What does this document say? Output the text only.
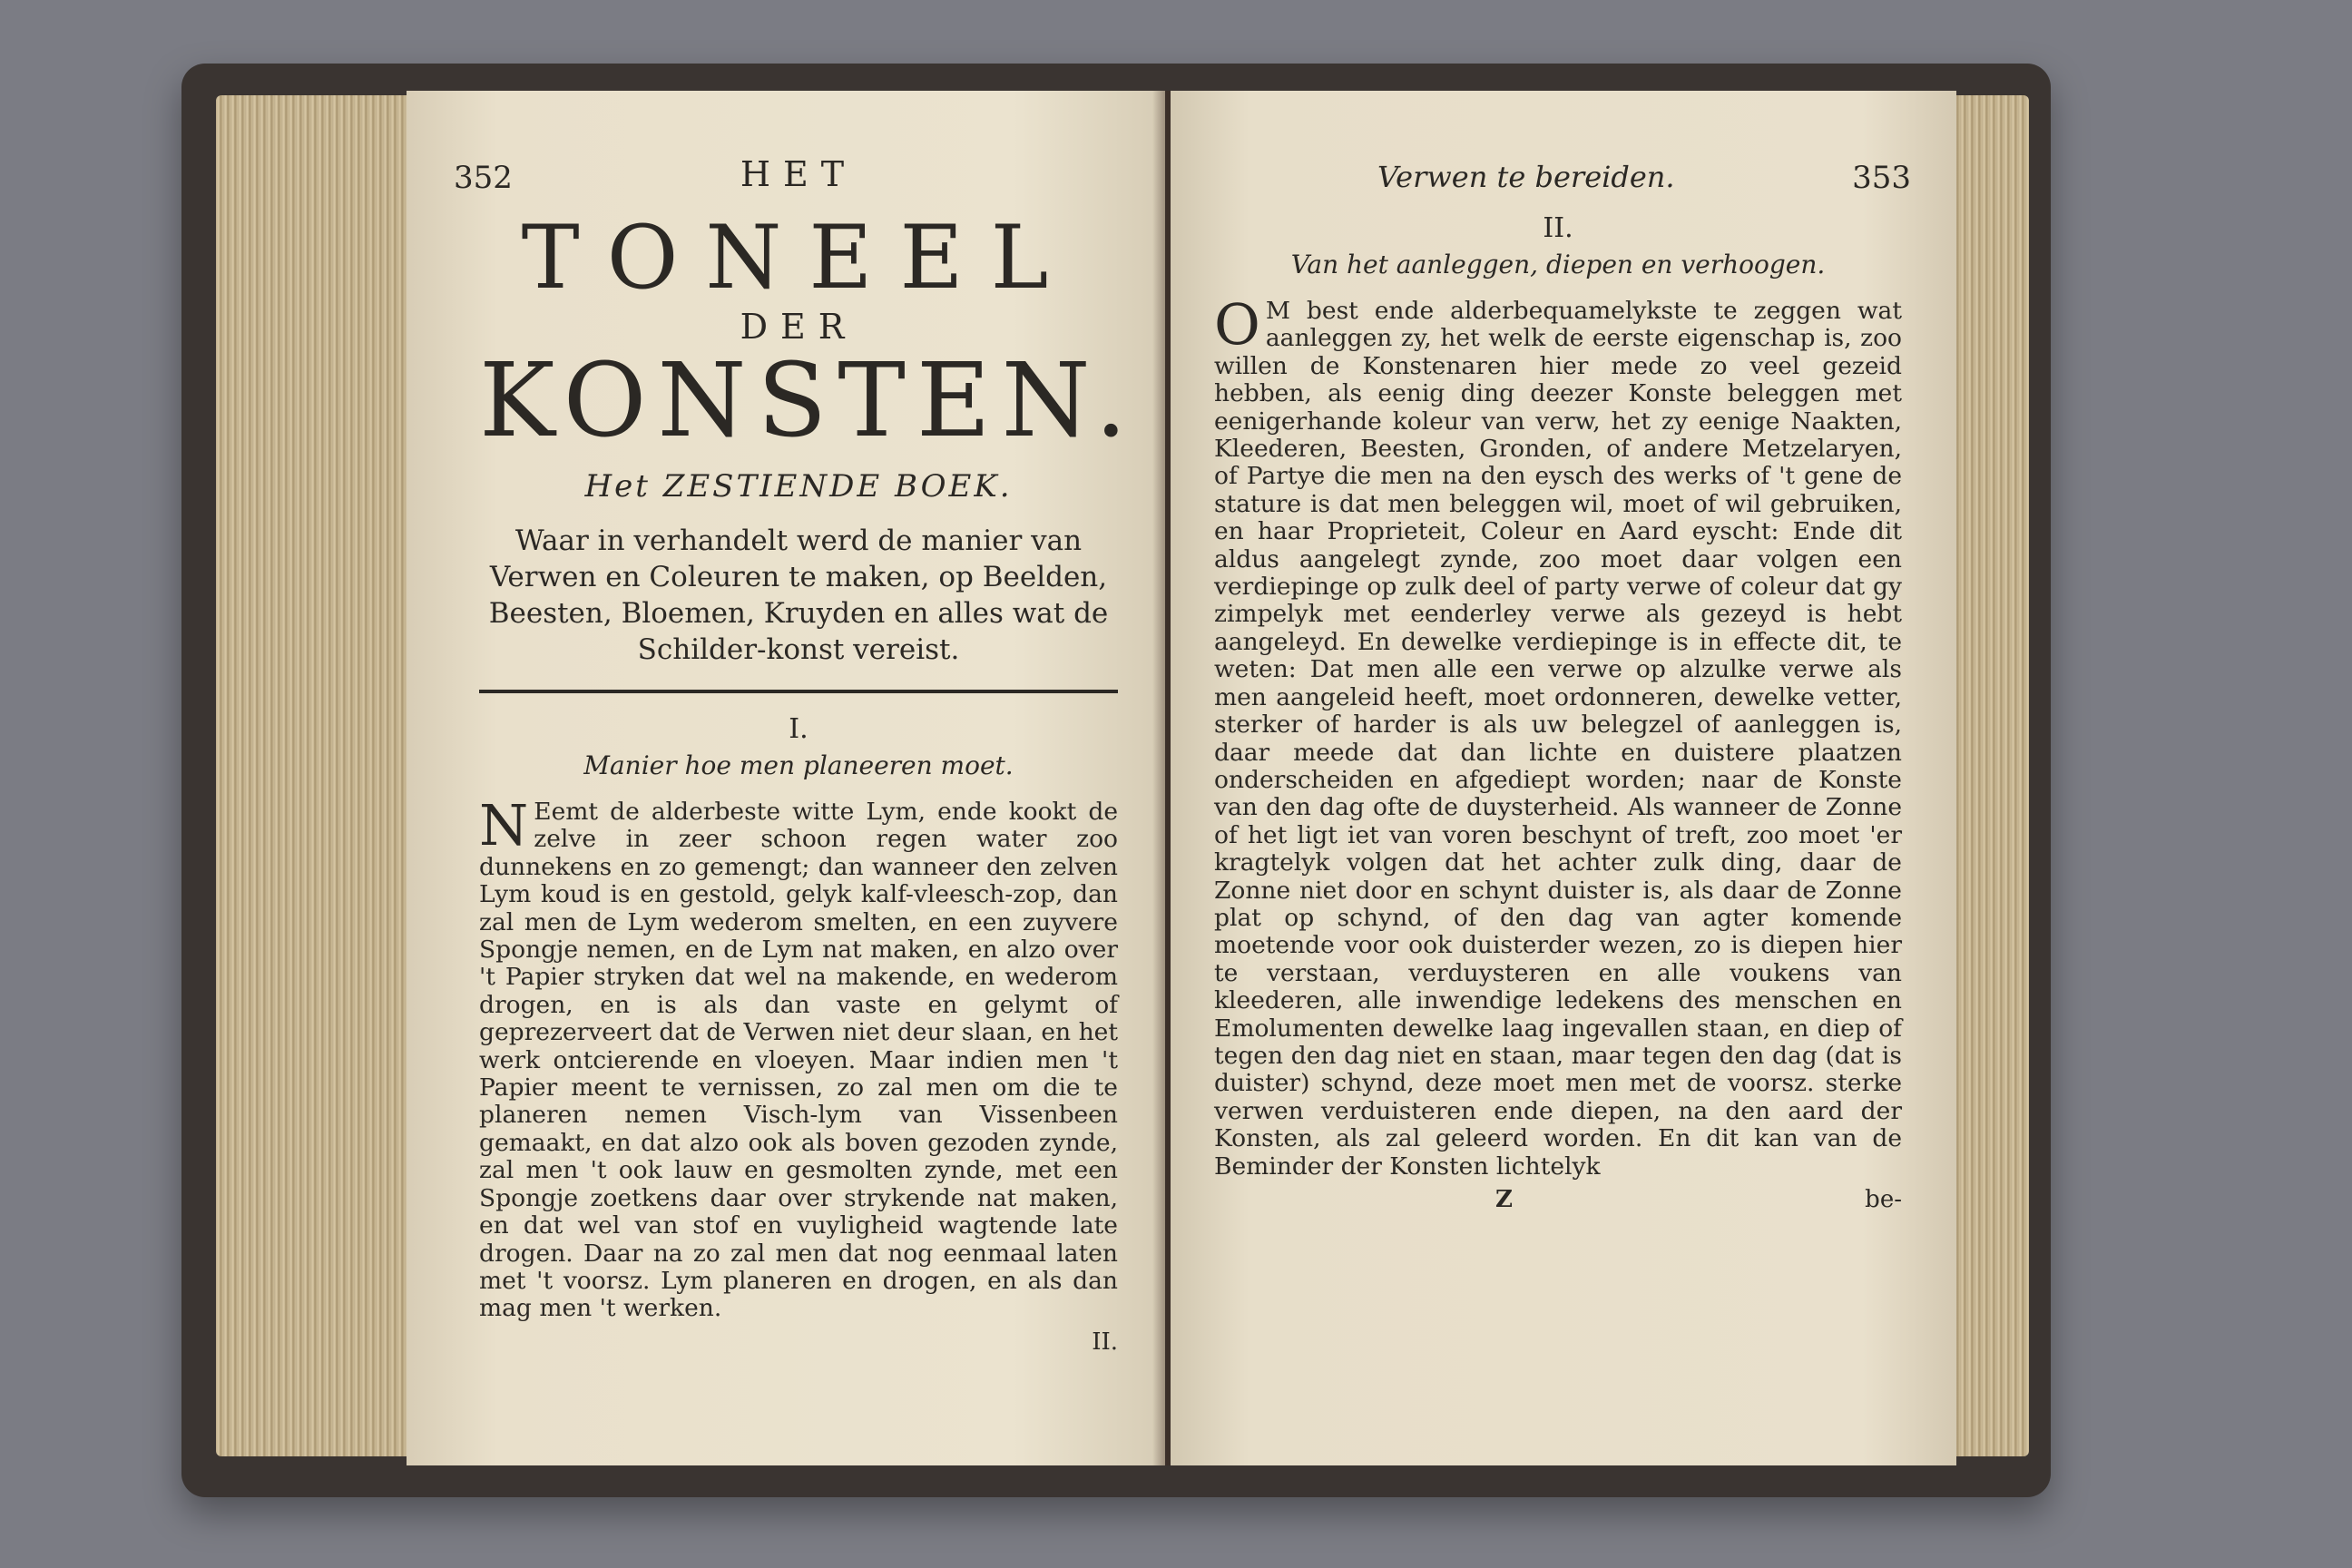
352	HET
TONEEL
DER
KONSTEN.
Het ZESTIENDE BOEK.
Waar in verhandelt werd de manier van Verwen en Coleuren te maken, op Beelden, Beesten, Bloemen, Kruyden en alles wat de Schilder-konst vereist.
I.
Manier hoe men planeeren moet.

NEemt de alderbeste witte Lym, ende kookt de zelve in zeer schoon regen water zoo dunnekens en zo gemengt; dan wanneer den zelven Lym koud is en gestold, gelyk kalf-vleesch-zop, dan zal men de Lym wederom smelten, en een zuyvere Spongje nemen, en de Lym nat maken, en alzo over 't Papier stryken dat wel na makende, en wederom drogen, en is als dan vaste en gelymt of geprezerveert dat de Verwen niet deur slaan, en het werk ontcierende en vloeyen. Maar indien men 't Papier meent te vernissen, zo zal men om die te planeren nemen Visch-lym van Vissenbeen gemaakt, en dat alzo ook als boven gezoden zynde, zal men 't ook lauw en gesmolten zynde, met een Spongje zoetkens daar over strykende nat maken, en dat wel van stof en vuyligheid wagtende late drogen. Daar na zo zal men dat nog eenmaal laten met 't voorsz. Lym planeren en drogen, en als dan mag men 't werken.

II.
Verwen te bereiden.	353
II.
Van het aanleggen, diepen en verhoogen.

OM best ende alderbequamelykste te zeggen wat aanleggen zy, het welk de eerste eigenschap is, zoo willen de Konstenaren hier mede zo veel gezeid hebben, als eenig ding deezer Konste beleggen met eenigerhande koleur van verw, het zy eenige Naakten, Kleederen, Beesten, Gronden, of andere Metzelaryen, of Partye die men na den eysch des werks of 't gene de stature is dat men beleggen wil, moet of wil gebruiken, en haar Proprieteit, Coleur en Aard eyscht: Ende dit aldus aangelegt zynde, zoo moet daar volgen een verdiepinge op zulk deel of party verwe of coleur dat gy zimpelyk met eenderley verwe als gezeyd is hebt aangeleyd. En dewelke verdiepinge is in effecte dit, te weten: Dat men alle een verwe op alzulke verwe als men aangeleid heeft, moet ordonneren, dewelke vetter, sterker of harder is als uw belegzel of aanleggen is, daar meede dat dan lichte en duistere plaatzen onderscheiden en afgediept worden; naar de Konste van den dag ofte de duysterheid. Als wanneer de Zonne of het ligt iet van voren beschynt of treft, zoo moet 'er kragtelyk volgen dat het achter zulk ding, daar de Zonne niet door en schynt duister is, als daar de Zonne plat op schynd, of den dag van agter komende moetende voor ook duisterder wezen, zo is diepen hier te verstaan, verduysteren en alle voukens van kleederen, alle inwendige ledekens des menschen en Emolumenten dewelke laag ingevallen staan, en diep of tegen den dag niet en staan, maar tegen den dag (dat is duister) schynd, deze moet men met de voorsz. sterke verwen verduisteren ende diepen, na den aard der Konsten, als zal geleerd worden. En dit kan van de Beminder der Konsten lichtelyk

Z	be-
